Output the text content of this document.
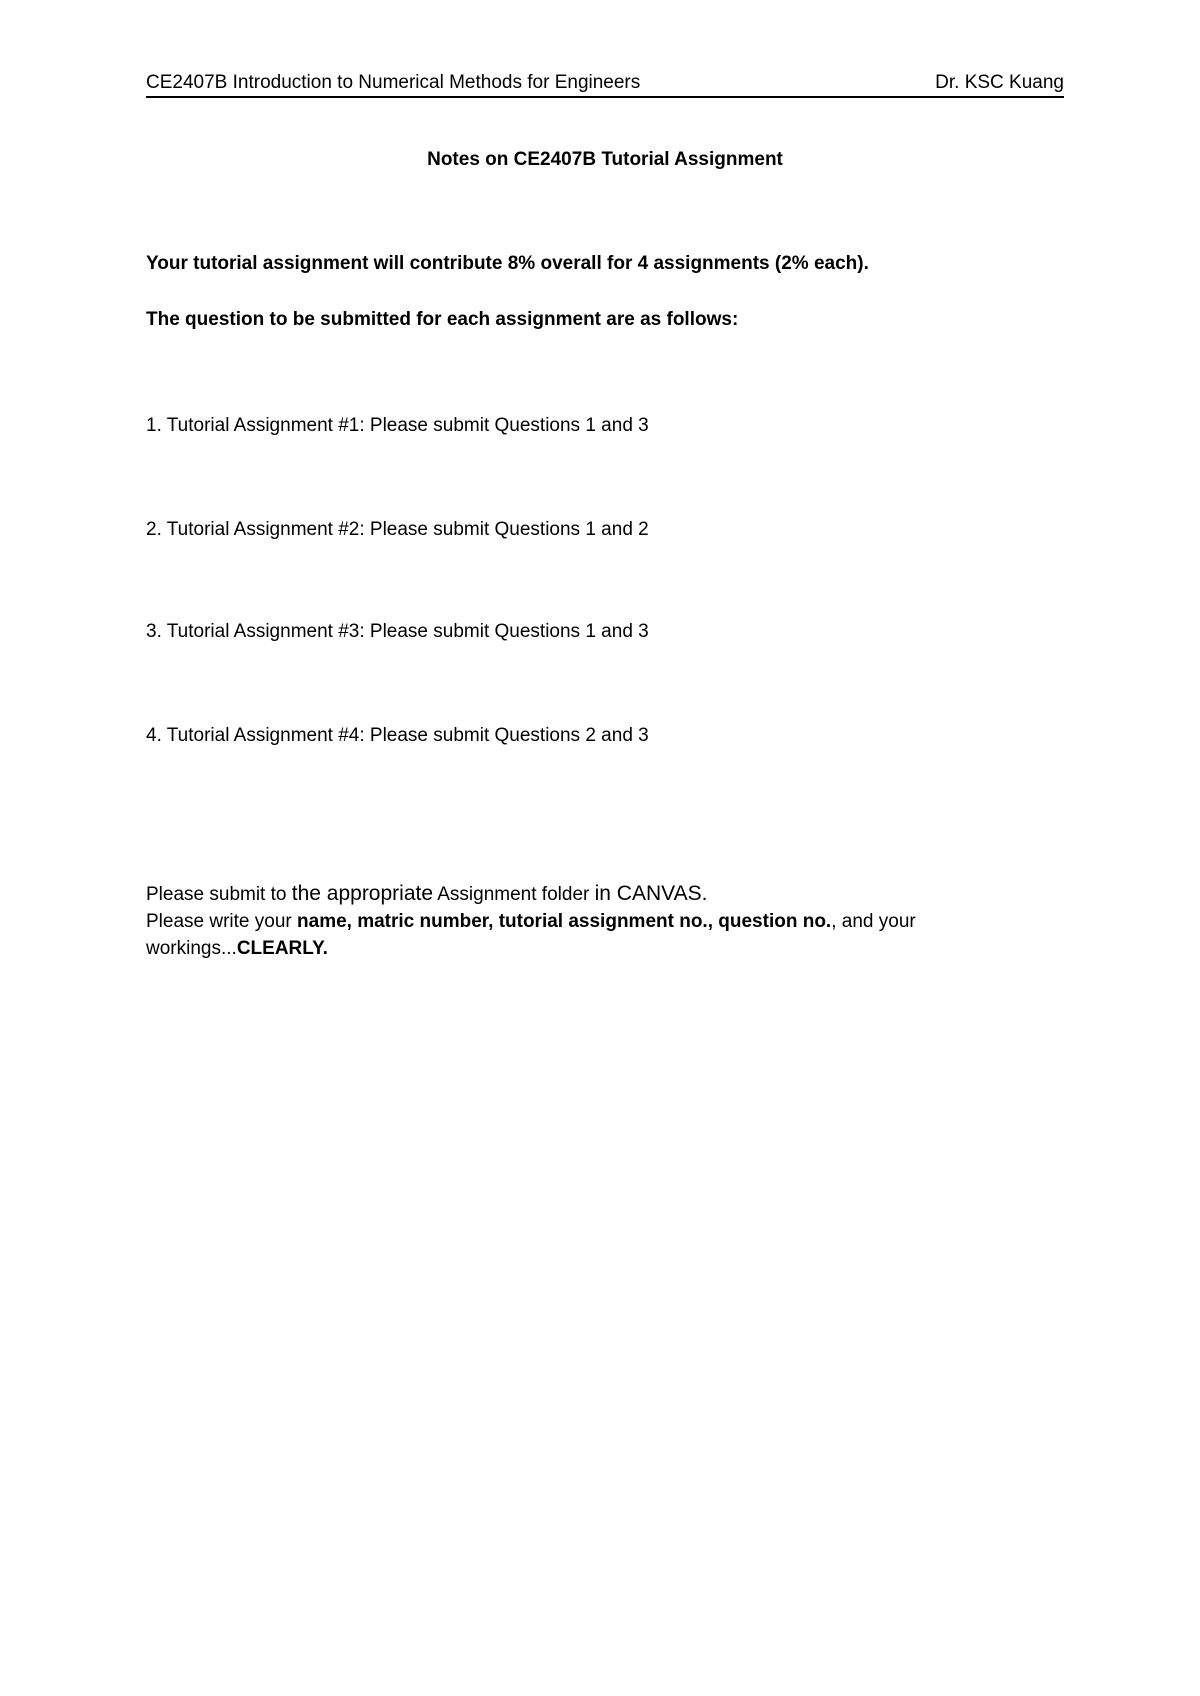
CE2407B Introduction to Numerical Methods for Engineers	Dr. KSC Kuang
Notes on CE2407B Tutorial Assignment
Your tutorial assignment will contribute 8% overall for 4 assignments (2% each).
The question to be submitted for each assignment are as follows:
1. Tutorial Assignment #1: Please submit Questions 1 and 3
2. Tutorial Assignment #2: Please submit Questions 1 and 2
3. Tutorial Assignment #3: Please submit Questions 1 and 3
4. Tutorial Assignment #4: Please submit Questions 2 and 3

Please submit to the appropriate Assignment folder in CANVAS.

Please write your name, matric number, tutorial assignment no., question no., and your
workings...CLEARLY.
